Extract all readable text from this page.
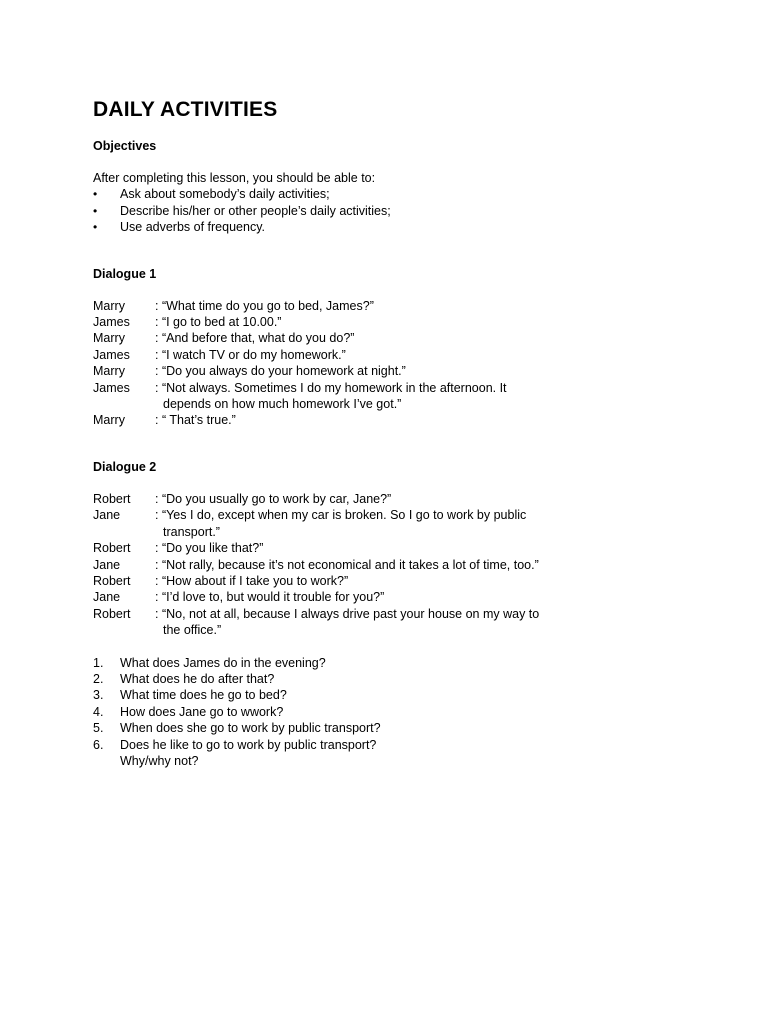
DAILY ACTIVITIES

Objectives

After completing this lesson, you should be able to:

•	Ask about somebody’s daily activities;
•	Describe his/her or other people’s daily activities;
•	Use adverbs of frequency.

Dialogue 1

Marry	: “What time do you go to bed, James?”
James	: “I go to bed at 10.00.”
Marry	: “And before that, what do you do?”
James	: “I watch TV or do my homework.”
Marry	: “Do you always do your homework at night.”
James	: “Not always. Sometimes I do my homework in the afternoon. It
depends on how much homework I’ve got.”
Marry	: “ That’s true.”

Dialogue 2

Robert	: “Do you usually go to work by car, Jane?”
Jane	: “Yes I do, except when my car is broken. So I go to work by public
transport.”
Robert	: “Do you like that?”
Jane	: “Not rally, because it’s not economical and it takes a lot of time, too.”
Robert	: “How about if I take you to work?”
Jane	: “I’d love to, but would it trouble for you?”
Robert	: “No, not at all, because I always drive past your house on my way to
the office.”
1.	What does James do in the evening?
2.	What does he do after that?
3.	What time does he go to bed?
4.	How does Jane go to wwork?
5.	When does she go to work by public transport?
6.	Does he like to go to work by public transport?
Why/why not?
